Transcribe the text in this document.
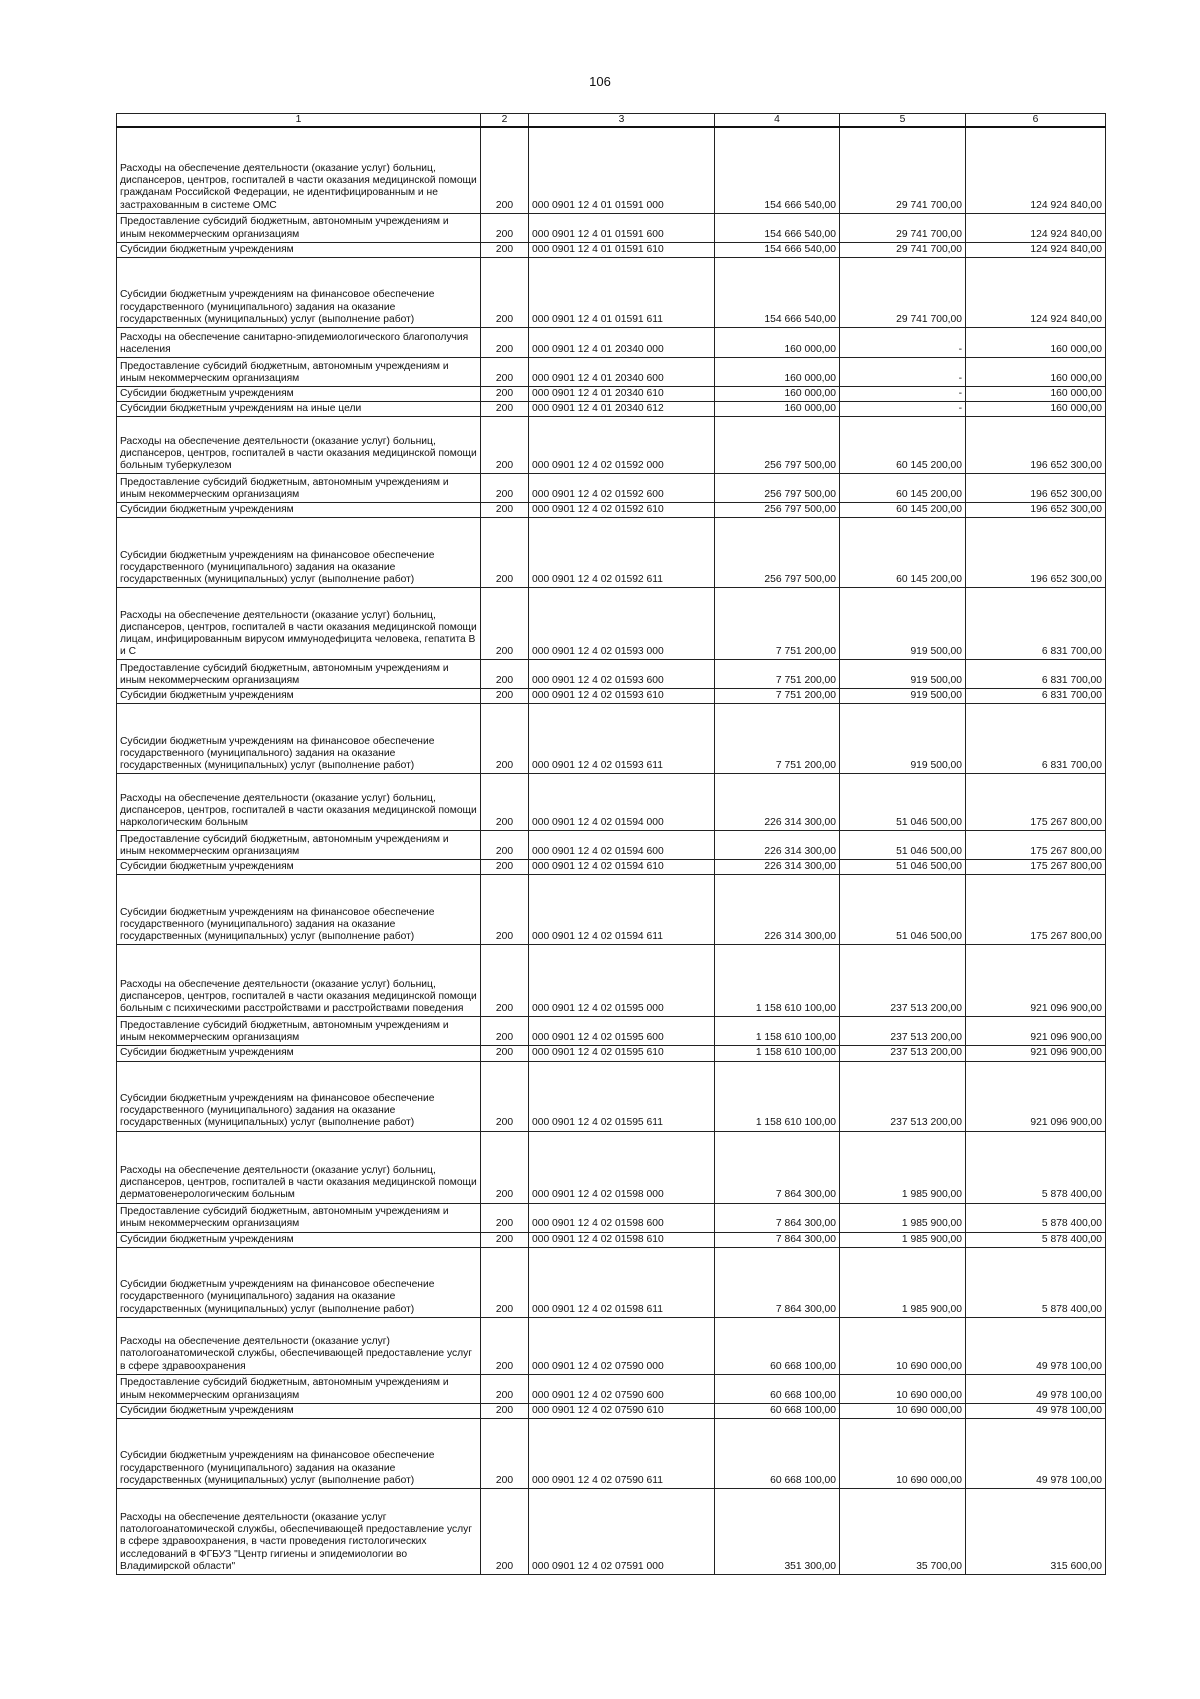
106
1	2	3	4	5	6
Расходы на обеспечение деятельности (оказание услуг) больниц, диспансеров, центров, госпиталей в части оказания медицинской помощи гражданам Российской Федерации, не идентифицированным и не застрахованным в системе ОМС	200	000 0901 12 4 01 01591 000	154 666 540,00	29 741 700,00	124 924 840,00
Предоставление субсидий бюджетным, автономным учреждениям и иным некоммерческим организациям	200	000 0901 12 4 01 01591 600	154 666 540,00	29 741 700,00	124 924 840,00
Субсидии бюджетным учреждениям	200	000 0901 12 4 01 01591 610	154 666 540,00	29 741 700,00	124 924 840,00
Субсидии бюджетным учреждениям на финансовое обеспечение государственного (муниципального) задания на оказание государственных (муниципальных) услуг (выполнение работ)	200	000 0901 12 4 01 01591 611	154 666 540,00	29 741 700,00	124 924 840,00
Расходы на обеспечение санитарно-эпидемиологического благополучия населения	200	000 0901 12 4 01 20340 000	160 000,00	-	160 000,00
Предоставление субсидий бюджетным, автономным учреждениям и иным некоммерческим организациям	200	000 0901 12 4 01 20340 600	160 000,00	-	160 000,00
Субсидии бюджетным учреждениям	200	000 0901 12 4 01 20340 610	160 000,00	-	160 000,00
Субсидии бюджетным учреждениям на иные цели	200	000 0901 12 4 01 20340 612	160 000,00	-	160 000,00
Расходы на обеспечение деятельности (оказание услуг) больниц, диспансеров, центров, госпиталей в части оказания медицинской помощи больным туберкулезом	200	000 0901 12 4 02 01592 000	256 797 500,00	60 145 200,00	196 652 300,00
Предоставление субсидий бюджетным, автономным учреждениям и иным некоммерческим организациям	200	000 0901 12 4 02 01592 600	256 797 500,00	60 145 200,00	196 652 300,00
Субсидии бюджетным учреждениям	200	000 0901 12 4 02 01592 610	256 797 500,00	60 145 200,00	196 652 300,00
Субсидии бюджетным учреждениям на финансовое обеспечение государственного (муниципального) задания на оказание государственных (муниципальных) услуг (выполнение работ)	200	000 0901 12 4 02 01592 611	256 797 500,00	60 145 200,00	196 652 300,00
Расходы на обеспечение деятельности (оказание услуг) больниц, диспансеров, центров, госпиталей в части оказания медицинской помощи лицам, инфицированным вирусом иммунодефицита человека, гепатита B и C	200	000 0901 12 4 02 01593 000	7 751 200,00	919 500,00	6 831 700,00
Предоставление субсидий бюджетным, автономным учреждениям и иным некоммерческим организациям	200	000 0901 12 4 02 01593 600	7 751 200,00	919 500,00	6 831 700,00
Субсидии бюджетным учреждениям	200	000 0901 12 4 02 01593 610	7 751 200,00	919 500,00	6 831 700,00
Субсидии бюджетным учреждениям на финансовое обеспечение государственного (муниципального) задания на оказание государственных (муниципальных) услуг (выполнение работ)	200	000 0901 12 4 02 01593 611	7 751 200,00	919 500,00	6 831 700,00
Расходы на обеспечение деятельности (оказание услуг) больниц, диспансеров, центров, госпиталей в части оказания медицинской помощи наркологическим больным	200	000 0901 12 4 02 01594 000	226 314 300,00	51 046 500,00	175 267 800,00
Предоставление субсидий бюджетным, автономным учреждениям и иным некоммерческим организациям	200	000 0901 12 4 02 01594 600	226 314 300,00	51 046 500,00	175 267 800,00
Субсидии бюджетным учреждениям	200	000 0901 12 4 02 01594 610	226 314 300,00	51 046 500,00	175 267 800,00
Субсидии бюджетным учреждениям на финансовое обеспечение государственного (муниципального) задания на оказание государственных (муниципальных) услуг (выполнение работ)	200	000 0901 12 4 02 01594 611	226 314 300,00	51 046 500,00	175 267 800,00
Расходы на обеспечение деятельности (оказание услуг) больниц, диспансеров, центров, госпиталей в части оказания медицинской помощи больным с психическими расстройствами и расстройствами поведения	200	000 0901 12 4 02 01595 000	1 158 610 100,00	237 513 200,00	921 096 900,00
Предоставление субсидий бюджетным, автономным учреждениям и иным некоммерческим организациям	200	000 0901 12 4 02 01595 600	1 158 610 100,00	237 513 200,00	921 096 900,00
Субсидии бюджетным учреждениям	200	000 0901 12 4 02 01595 610	1 158 610 100,00	237 513 200,00	921 096 900,00
Субсидии бюджетным учреждениям на финансовое обеспечение государственного (муниципального) задания на оказание государственных (муниципальных) услуг (выполнение работ)	200	000 0901 12 4 02 01595 611	1 158 610 100,00	237 513 200,00	921 096 900,00
Расходы на обеспечение деятельности (оказание услуг) больниц, диспансеров, центров, госпиталей в части оказания медицинской помощи дерматовенерологическим больным	200	000 0901 12 4 02 01598 000	7 864 300,00	1 985 900,00	5 878 400,00
Предоставление субсидий бюджетным, автономным учреждениям и иным некоммерческим организациям	200	000 0901 12 4 02 01598 600	7 864 300,00	1 985 900,00	5 878 400,00
Субсидии бюджетным учреждениям	200	000 0901 12 4 02 01598 610	7 864 300,00	1 985 900,00	5 878 400,00
Субсидии бюджетным учреждениям на финансовое обеспечение государственного (муниципального) задания на оказание государственных (муниципальных) услуг (выполнение работ)	200	000 0901 12 4 02 01598 611	7 864 300,00	1 985 900,00	5 878 400,00
Расходы на обеспечение деятельности (оказание услуг) патологоанатомической службы, обеспечивающей предоставление услуг в сфере здравоохранения	200	000 0901 12 4 02 07590 000	60 668 100,00	10 690 000,00	49 978 100,00
Предоставление субсидий бюджетным, автономным учреждениям и иным некоммерческим организациям	200	000 0901 12 4 02 07590 600	60 668 100,00	10 690 000,00	49 978 100,00
Субсидии бюджетным учреждениям	200	000 0901 12 4 02 07590 610	60 668 100,00	10 690 000,00	49 978 100,00
Субсидии бюджетным учреждениям на финансовое обеспечение государственного (муниципального) задания на оказание государственных (муниципальных) услуг (выполнение работ)	200	000 0901 12 4 02 07590 611	60 668 100,00	10 690 000,00	49 978 100,00
Расходы на обеспечение деятельности (оказание услуг патологоанатомической службы, обеспечивающей предоставление услуг в сфере здравоохранения, в части проведения гистологических исследований в ФГБУЗ "Центр гигиены и эпидемиологии во Владимирской области"	200	000 0901 12 4 02 07591 000	351 300,00	35 700,00	315 600,00
